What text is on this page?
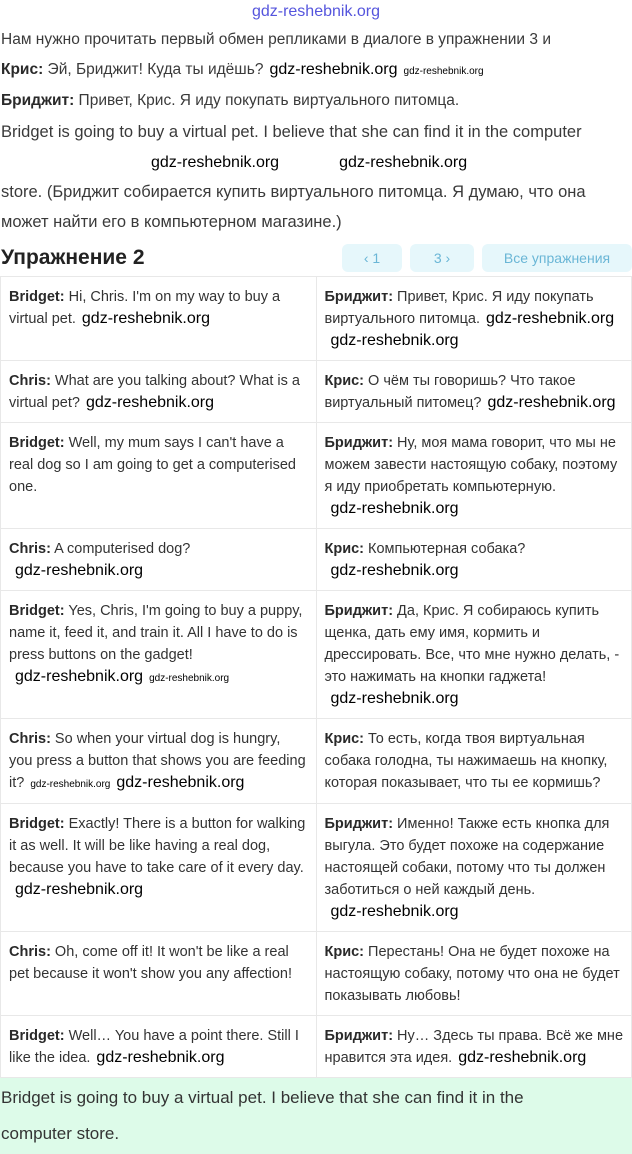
gdz-reshebnik.org
Нам нужно прочитать первый обмен репликами в диалоге в упражнении 3 и
Крис: Эй, Бриджит! Куда ты идёшь? gdz-reshebnik.org gdz-reshebnik.org
Бриджит: Привет, Крис. Я иду покупать виртуального питомца.
Bridget is going to buy a virtual pet. I believe that she can find it in the computer
gdz-reshebnik.org	gdz-reshebnik.org
store. (Бриджит собирается купить виртуального питомца. Я думаю, что она
может найти его в компьютерном магазине.)
Упражнение 2	‹ 1	3 ›	Все упражнения
Bridget: Hi, Chris. I'm on my way to buy a virtual pet. gdz-reshebnik.org	Бриджит: Привет, Крис. Я иду покупать виртуального питомца. gdz-reshebnik.orggdz-reshebnik.org
Chris: What are you talking about? What is a virtual pet? gdz-reshebnik.org	Крис: О чём ты говоришь? Что такое виртуальный питомец? gdz-reshebnik.org
Bridget: Well, my mum says I can't have a real dog so I am going to get a computerised one.	Бриджит: Ну, моя мама говорит, что мы не можем завести настоящую собаку, поэтому я иду приобретать компьютерную.gdz-reshebnik.org
Chris: A computerised dog?gdz-reshebnik.org	Крис: Компьютерная собака?gdz-reshebnik.org
Bridget: Yes, Chris, I'm going to buy a puppy, name it, feed it, and train it. All I have to do is press buttons on the gadget!gdz-reshebnik.org gdz-reshebnik.org	Бриджит: Да, Крис. Я собираюсь купить щенка, дать ему имя, кормить и дрессировать. Все, что мне нужно делать, - это нажимать на кнопки гаджета!gdz-reshebnik.org
Chris: So when your virtual dog is hungry, you press a button that shows you are feeding it? gdz-reshebnik.org gdz-reshebnik.org	Крис: То есть, когда твоя виртуальная собака голодна, ты нажимаешь на кнопку, которая показывает, что ты ее кормишь?
Bridget: Exactly! There is a button for walking it as well. It will be like having a real dog, because you have to take care of it every day.gdz-reshebnik.org	Бриджит: Именно! Также есть кнопка для выгула. Это будет похоже на содержание настоящей собаки, потому что ты должен заботиться о ней каждый день.gdz-reshebnik.org
Chris: Oh, come off it! It won't be like a real pet because it won't show you any affection!	Крис: Перестань! Она не будет похоже на настоящую собаку, потому что она не будет показывать любовь!
Bridget: Well… You have a point there. Still I like the idea. gdz-reshebnik.org	Бриджит: Ну… Здесь ты права. Всё же мне нравится эта идея. gdz-reshebnik.org
Bridget is going to buy a virtual pet. I believe that she can find it in the
computer store.
